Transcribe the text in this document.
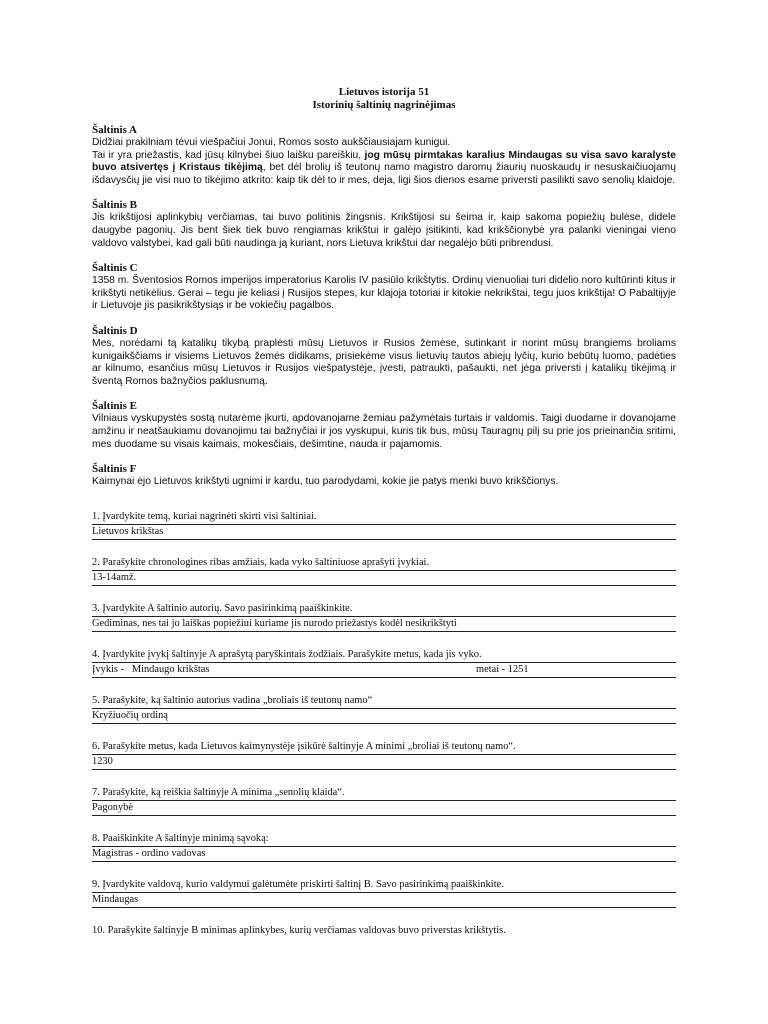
Lietuvos istorija 51
Istorinių šaltinių nagrinėjimas
Šaltinis A
Didžiai prakilniam tėvui viešpačiui Jonui, Romos sosto aukščiausiajam kunigui.
Tai ir yra priežastis, kad jūsų kilnybei šiuo laišku pareiškiu, jog mūsų pirmtakas karalius Mindaugas su visa savo karalyste buvo atsivertęs į Kristaus tikėjimą, bet dėl brolių iš teutonų namo magistro daromų žiaurių nuoskaudų ir nesuskaičiuojamų išdavysčių jie visi nuo to tikėjimo atkrito: kaip tik dėl to ir mes, deja, ligi šios dienos esame priversti pasilikti savo senolių klaidoje.
Šaltinis B
Jis krikštijosi aplinkybių verčiamas, tai buvo politinis žingsnis. Krikštijosi su šeima ir, kaip sakoma popiežių bulėse, didele daugybe pagonių. Jis bent šiek tiek buvo rengiamas krikštui ir galėjo įsitikinti, kad krikščionybė yra palanki vieningai vieno valdovo valstybei, kad gali būti naudinga ją kuriant, nors Lietuva krikštui dar negalėjo būti pribrendusi.
Šaltinis C
1358 m. Šventosios Romos imperijos imperatorius Karolis IV pasiūlo krikštytis. Ordinų vienuoliai turi didelio noro kultūrinti kitus ir krikštyti netikėlius. Gerai – tegu jie keliasi į Rusijos stepes, kur klajoja totoriai ir kitokie nekrikštai, tegu juos krikštija! O Pabaltijyje ir Lietuvoje jis pasikrikštysiąs ir be vokiečių pagalbos.
Šaltinis D
Mes, norėdami tą katalikų tikybą praplėsti mūsų Lietuvos ir Rusios žemėse, sutinkant ir norint mūsų brangiems broliams kunigaikščiams ir visiems Lietuvos žemės didikams, prisiekėme visus lietuvių tautos abiejų lyčių, kurio bebūtų luomo, padėties ar kilnumo, esančius mūsų Lietuvos ir Rusijos viešpatystėje, įvesti, patraukti, pašaukti, net jėga priversti į katalikų tikėjimą ir šventą Romos bažnyčios paklusnumą.
Šaltinis E
Vilniaus vyskupystės sostą nutarėme įkurti, apdovanojame žemiau pažymėtais turtais ir valdomis. Taigi duodame ir dovanojame amžinu ir neatšaukiamu dovanojimu tai bažnyčiai ir jos vyskupui, kuris tik bus, mūsų Tauragnų pilį su prie jos prieinančia sritimi, mes duodame su visais kaimais, mokesčiais, dešimtine, nauda ir pajamomis.
Šaltinis F
Kaimynai ėjo Lietuvos krikštyti ugnimi ir kardu, tuo parodydami, kokie jie patys menki buvo krikščionys.
1. Įvardykite temą, kuriai nagrinėti skirti visi šaltiniai.
Lietuvos krikštas
2. Parašykite chronologines ribas amžiais, kada vyko šaltiniuose aprašyti įvykiai.
13-14amž.
3. Įvardykite A šaltinio autorių. Savo pasirinkimą paaiškinkite.
Gediminas, nes tai jo laiškas popiežiui kuriame jis nurodo priežastys kodėl nesikrikštyti
4. Įvardykite įvykį šaltinyje A aprašytą paryškintais žodžiais. Parašykite metus, kada jis vyko.
Įvykis -   Mindaugo krikštas	metai - 1251
5. Parašykite, ką šaltinio autorius vadina „broliais iš teutonų namo“
Kryžiuočių ordiną
6. Parašykite metus, kada Lietuvos kaimynystėje įsikūrė šaltinyje A minimi „broliai iš teutonų namo“.
1230
7. Parašykite, ką reiškia šaltinyje A minima „senolių klaida“.
Pagonybė
8. Paaiškinkite A šaltinyje minimą sąvoką:
Magistras - ordino vadovas
9. Įvardykite valdovą, kurio valdymui galėtumėte priskirti šaltinį B. Savo pasirinkimą paaiškinkite.
Mindaugas
10. Parašykite šaltinyje B minimas aplinkybes, kurių verčiamas valdovas buvo priverstas krikštytis.
